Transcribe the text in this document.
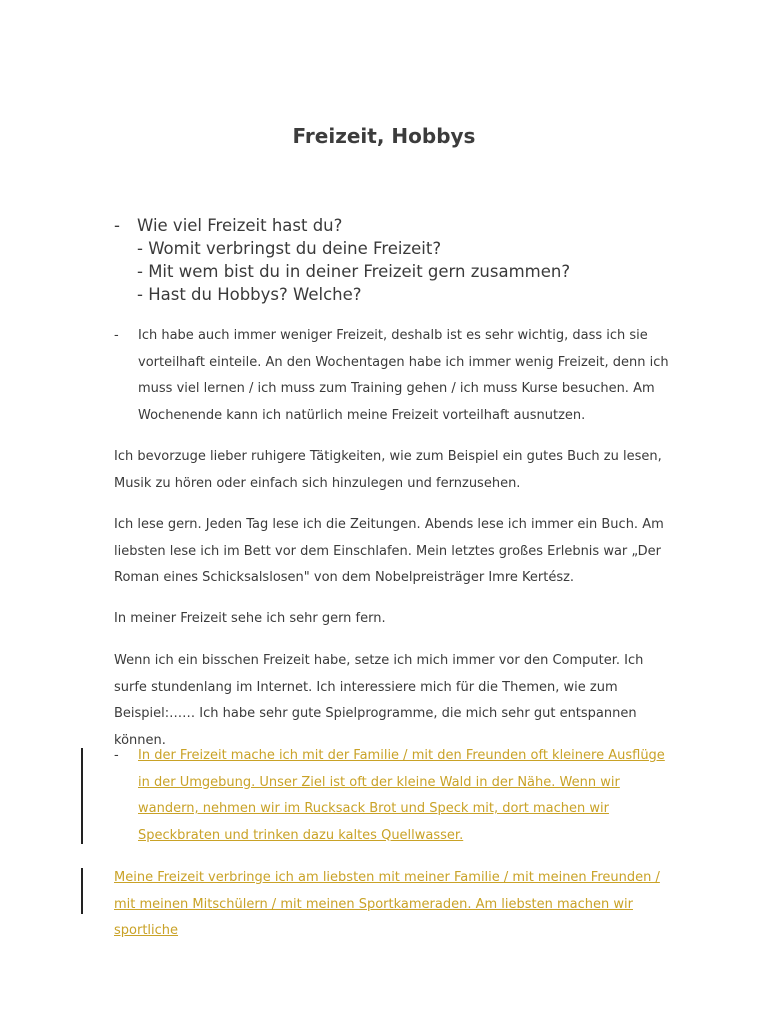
Freizeit, Hobbys
- Wie viel Freizeit hast du?
- Womit verbringst du deine Freizeit?
- Mit wem bist du in deiner Freizeit gern zusammen?
- Hast du Hobbys? Welche?
- Ich habe auch immer weniger Freizeit, deshalb ist es sehr wichtig, dass ich sie vorteilhaft einteile. An den Wochentagen habe ich immer wenig Freizeit, denn ich muss viel lernen / ich muss zum Training gehen / ich muss Kurse besuchen. Am Wochenende kann ich natürlich meine Freizeit vorteilhaft ausnutzen.

Ich bevorzuge lieber ruhigere Tätigkeiten, wie zum Beispiel ein gutes Buch zu lesen, Musik zu hören oder einfach sich hinzulegen und fernzusehen.

Ich lese gern. Jeden Tag lese ich die Zeitungen. Abends lese ich immer ein Buch. Am liebsten lese ich im Bett vor dem Einschlafen. Mein letztes großes Erlebnis war „Der Roman eines Schicksalslosen" von dem Nobelpreisträger Imre Kertész.

In meiner Freizeit sehe ich sehr gern fern.

Wenn ich ein bisschen Freizeit habe, setze ich mich immer vor den Computer. Ich surfe stundenlang im Internet. Ich interessiere mich für die Themen, wie zum Beispiel:…… Ich habe sehr gute Spielprogramme, die mich sehr gut entspannen können.

- In der Freizeit mache ich mit der Familie / mit den Freunden oft kleinere Ausflüge in der Umgebung. Unser Ziel ist oft der kleine Wald in der Nähe. Wenn wir wandern, nehmen wir im Rucksack Brot und Speck mit, dort machen wir Speckbraten und trinken dazu kaltes Quellwasser.

Meine Freizeit verbringe ich am liebsten mit meiner Familie / mit meinen Freunden / mit meinen Mitschülern / mit meinen Sportkameraden. Am liebsten machen wir sportliche
